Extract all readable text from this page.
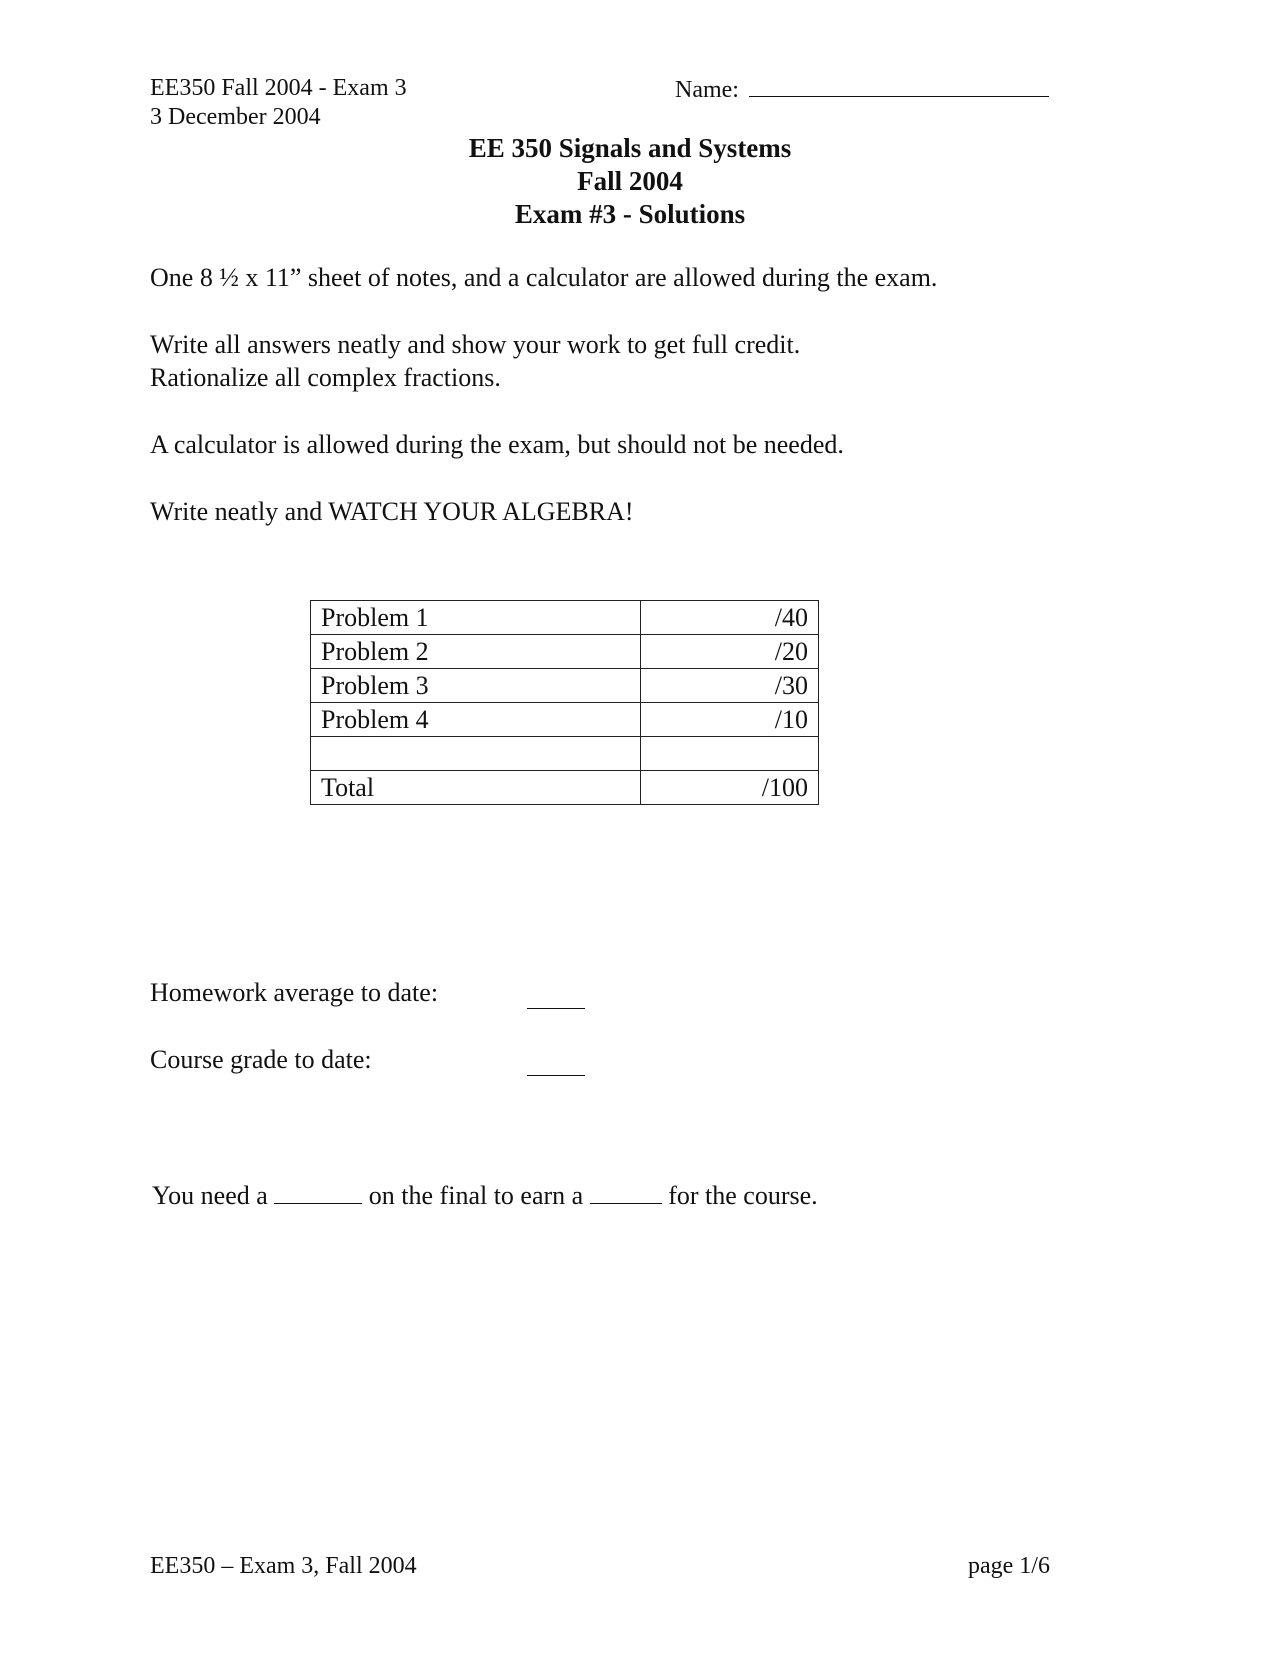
EE350 Fall 2004 - Exam 3
3 December 2004
Name:
EE 350 Signals and Systems
Fall 2004
Exam #3 - Solutions
One 8 ½ x 11” sheet of notes, and a calculator are allowed during the exam.
Write all answers neatly and show your work to get full credit.
Rationalize all complex fractions.
A calculator is allowed during the exam, but should not be needed.
Write neatly and WATCH YOUR ALGEBRA!
Problem 1	/40
Problem 2	/20
Problem 3	/30
Problem 4	/10

Total	/100
Homework average to date:
Course grade to date:
You need a	on the final to earn a	for the course.
EE350 – Exam 3, Fall 2004	page 1/6
